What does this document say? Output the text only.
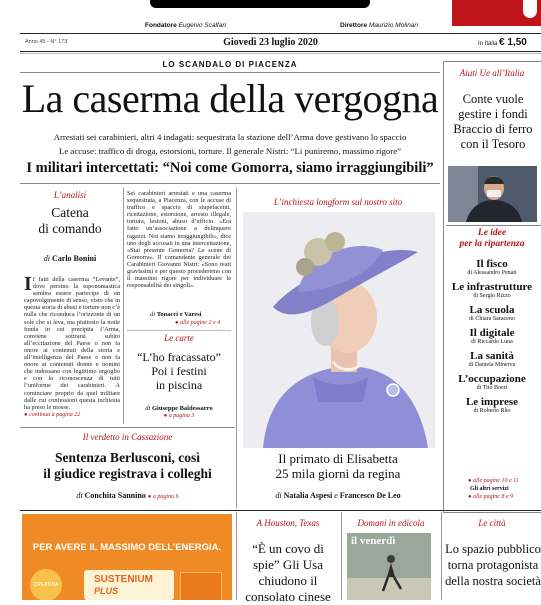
Fondatore Eugenio Scalfari	Direttore Maurizio Molinari
Anno 45 - N° 173	Giovedì 23 luglio 2020	In Italia € 1,50
LO SCANDALO DI PIACENZA
La caserma della vergogna
Arrestati sei carabinieri, altri 4 indagati: sequestrata la stazione dell’Arma dove gestivano lo spaccio
Le accuse: traffico di droga, estorsioni, torture. Il generale Nistri: “Li puniremo, massimo rigore”
I militari intercettati: “Noi come Gomorra, siamo irraggiungibili”
L’analisi
Catena
di comando
di Carlo Bonini
I I fatti della caserma “Levante”, dove persino la toponomastica sembra essere partecipe di un capovolgimento di senso, visto che in questa storia di abusi e torture non c’è nulla che riconduca l’orizzonte di un sole che si leva, ma piuttosto la notte fonda in cui precipita l’Arma, conviene sottrarsi subito all’eccitazione del Paese o non fa onore ai contenuti della storia e all’intelligenza del Paese e non fa onore ai contenuti donne e uomini che indossano con legittimo orgoglio e con la riconoscenza di tutti l’uniforme dei carabinieri. A cominciare proprio da quel militare dalle cui confessioni questa inchiesta ha preso le mosse.
● continua a pagina 22
Sei carabinieri arrestati e una caserma sequestrata, a Piacenza, con le accuse di traffico e spaccio di stupefacenti, ricettazione, estorsione, arresto illegale, tortura, lesioni, abuso d’ufficio. «Era fatto un’associazione a delinquere ragazzi. Noi siamo irraggiungibili», dice uno degli accusati in una intercettazione, «Stai presente Gomorra? Le scene di Gomorra». Il comandante generale dei Carabinieri Giovanni Nistri: «Sono reati gravissimi e per questo procederemo con il massimo rigore per individuare le responsabilità dei singoli».
di Tonacci e Varesi
● alle pagine 2 e 4
Le carte
“L’ho fracassato”
Poi i festini
in piscina
di Giuseppe Baldessarro
● a pagina 3
Il verdetto in Cassazione
Sentenza Berlusconi, così
il giudice registrava i colleghi
di Conchita Sannino ● a pagina 6
L’inchiesta longform sul nostro sito
Il primato di Elisabetta
25 mila giorni da regina
di Natalia Aspesi e Francesco De Leo
Aiuti Ue all’Italia
Conte vuole gestire i fondi Braccio di ferro con il Tesoro
Le idee
per la ripartenza
Il fisco
di Alessandro Penati
Le infrastrutture
di Sergio Rizzo
La scuola
di Chiara Saraceno
Il digitale
di Riccardo Luna
La sanità
di Daniela Minerva
L’occupazione
di Tito Boeri
Le imprese
di Roberto Rho
● alle pagine 10 e 11
Gli altri servizi
● alle pagine 8 e 9
PER AVERE IL MASSIMO DELL’ENERGIA.
CREATINA	SUSTENIUM
PLUS
A Houston, Texas
“È un covo di spie” Gli Usa chiudono il consolato cinese
Domani in edicola
il venerdì
Le città
Lo spazio pubblico torna protagonista della nostra società
